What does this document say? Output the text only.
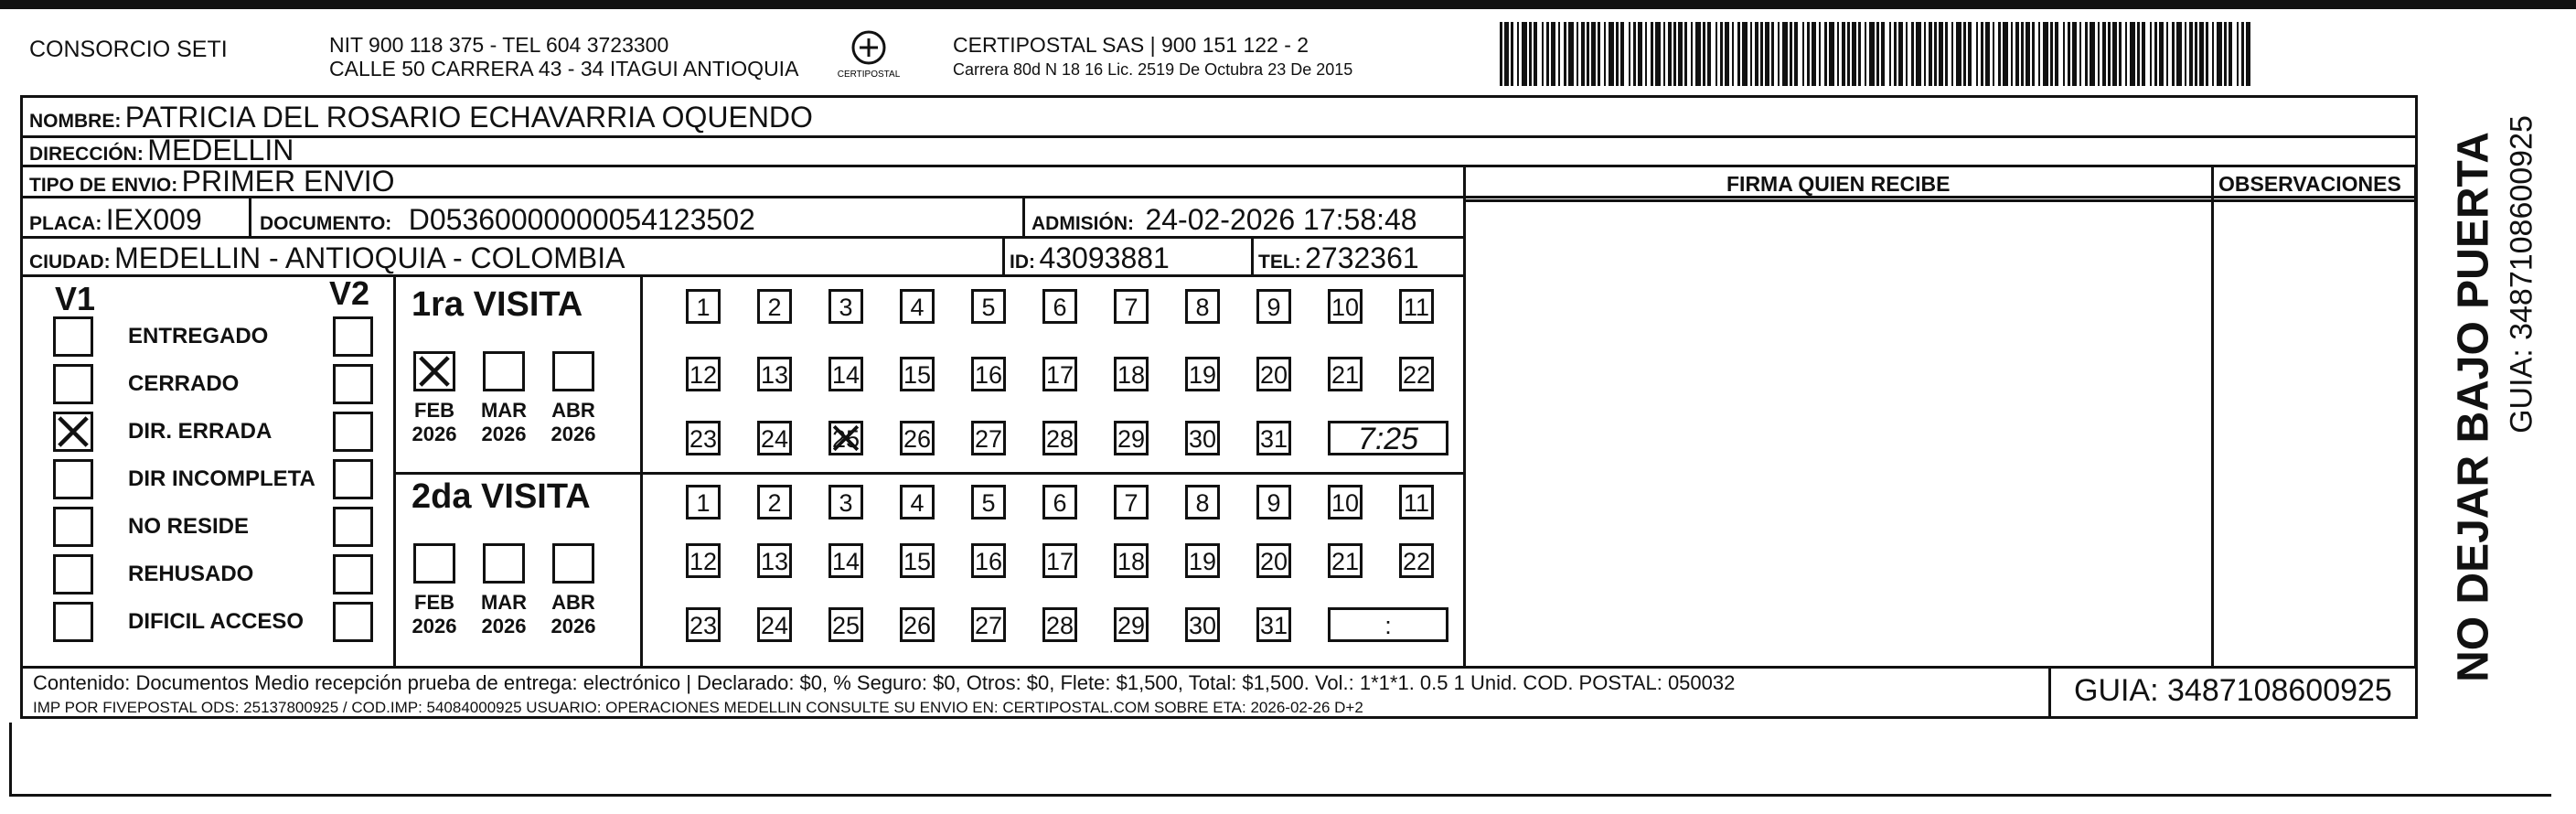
CONSORCIO SETI	NIT 900 118 375 - TEL 604 3723300
CALLE 50 CARRERA 43 - 34 ITAGUI ANTIOQUIA	CERTIPOSTAL
CERTIPOSTAL SAS | 900 151 122 - 2
Carrera 80d N 18 16 Lic. 2519 De Octubra 23 De 2015
NOMBRE: PATRICIA DEL ROSARIO ECHAVARRIA OQUENDO
DIRECCIÓN: MEDELLIN
TIPO DE ENVIO: PRIMER ENVIO
PLACA: IEX009	DOCUMENTO: D05360000000054123502	ADMISIÓN: 24-02-2026 17:58:48
CIUDAD: MEDELLIN - ANTIOQUIA - COLOMBIA	ID: 43093881	TEL: 2732361
FIRMA QUIEN RECIBE	OBSERVACIONES
V1	V2
ENTREGADO
CERRADO
DIR. ERRADA
DIR INCOMPLETA
NO RESIDE
REHUSADO
DIFICIL ACCESO
1ra VISITA
2da VISITA
FEB
2026
MAR
2026
ABR
2026
1	2	3	4	5	6	7	8	9	10 11
12 13 14 15 16 17 18 19 20 21 22
23 24 25 26 27 28 29 30 31	7:25
FEB
2026
MAR
2026
ABR
2026
1	2	3	4	5	6	7	8	9	10 11
12 13 14 15 16 17 18 19 20 21 22
23 24 25 26 27 28 29 30 31	:
Contenido: Documentos Medio recepción prueba de entrega: electrónico | Declarado: $0, % Seguro: $0, Otros: $0, Flete: $1,500, Total: $1,500. Vol.: 1*1*1. 0.5 1 Unid. COD. POSTAL: 050032
IMP POR FIVEPOSTAL ODS: 25137800925 / COD.IMP: 54084000925 USUARIO: OPERACIONES MEDELLIN CONSULTE SU ENVIO EN: CERTIPOSTAL.COM SOBRE ETA: 2026-02-26 D+2	GUIA: 3487108600925
NO DEJAR BAJO PUERTA GUIA: 3487108600925
